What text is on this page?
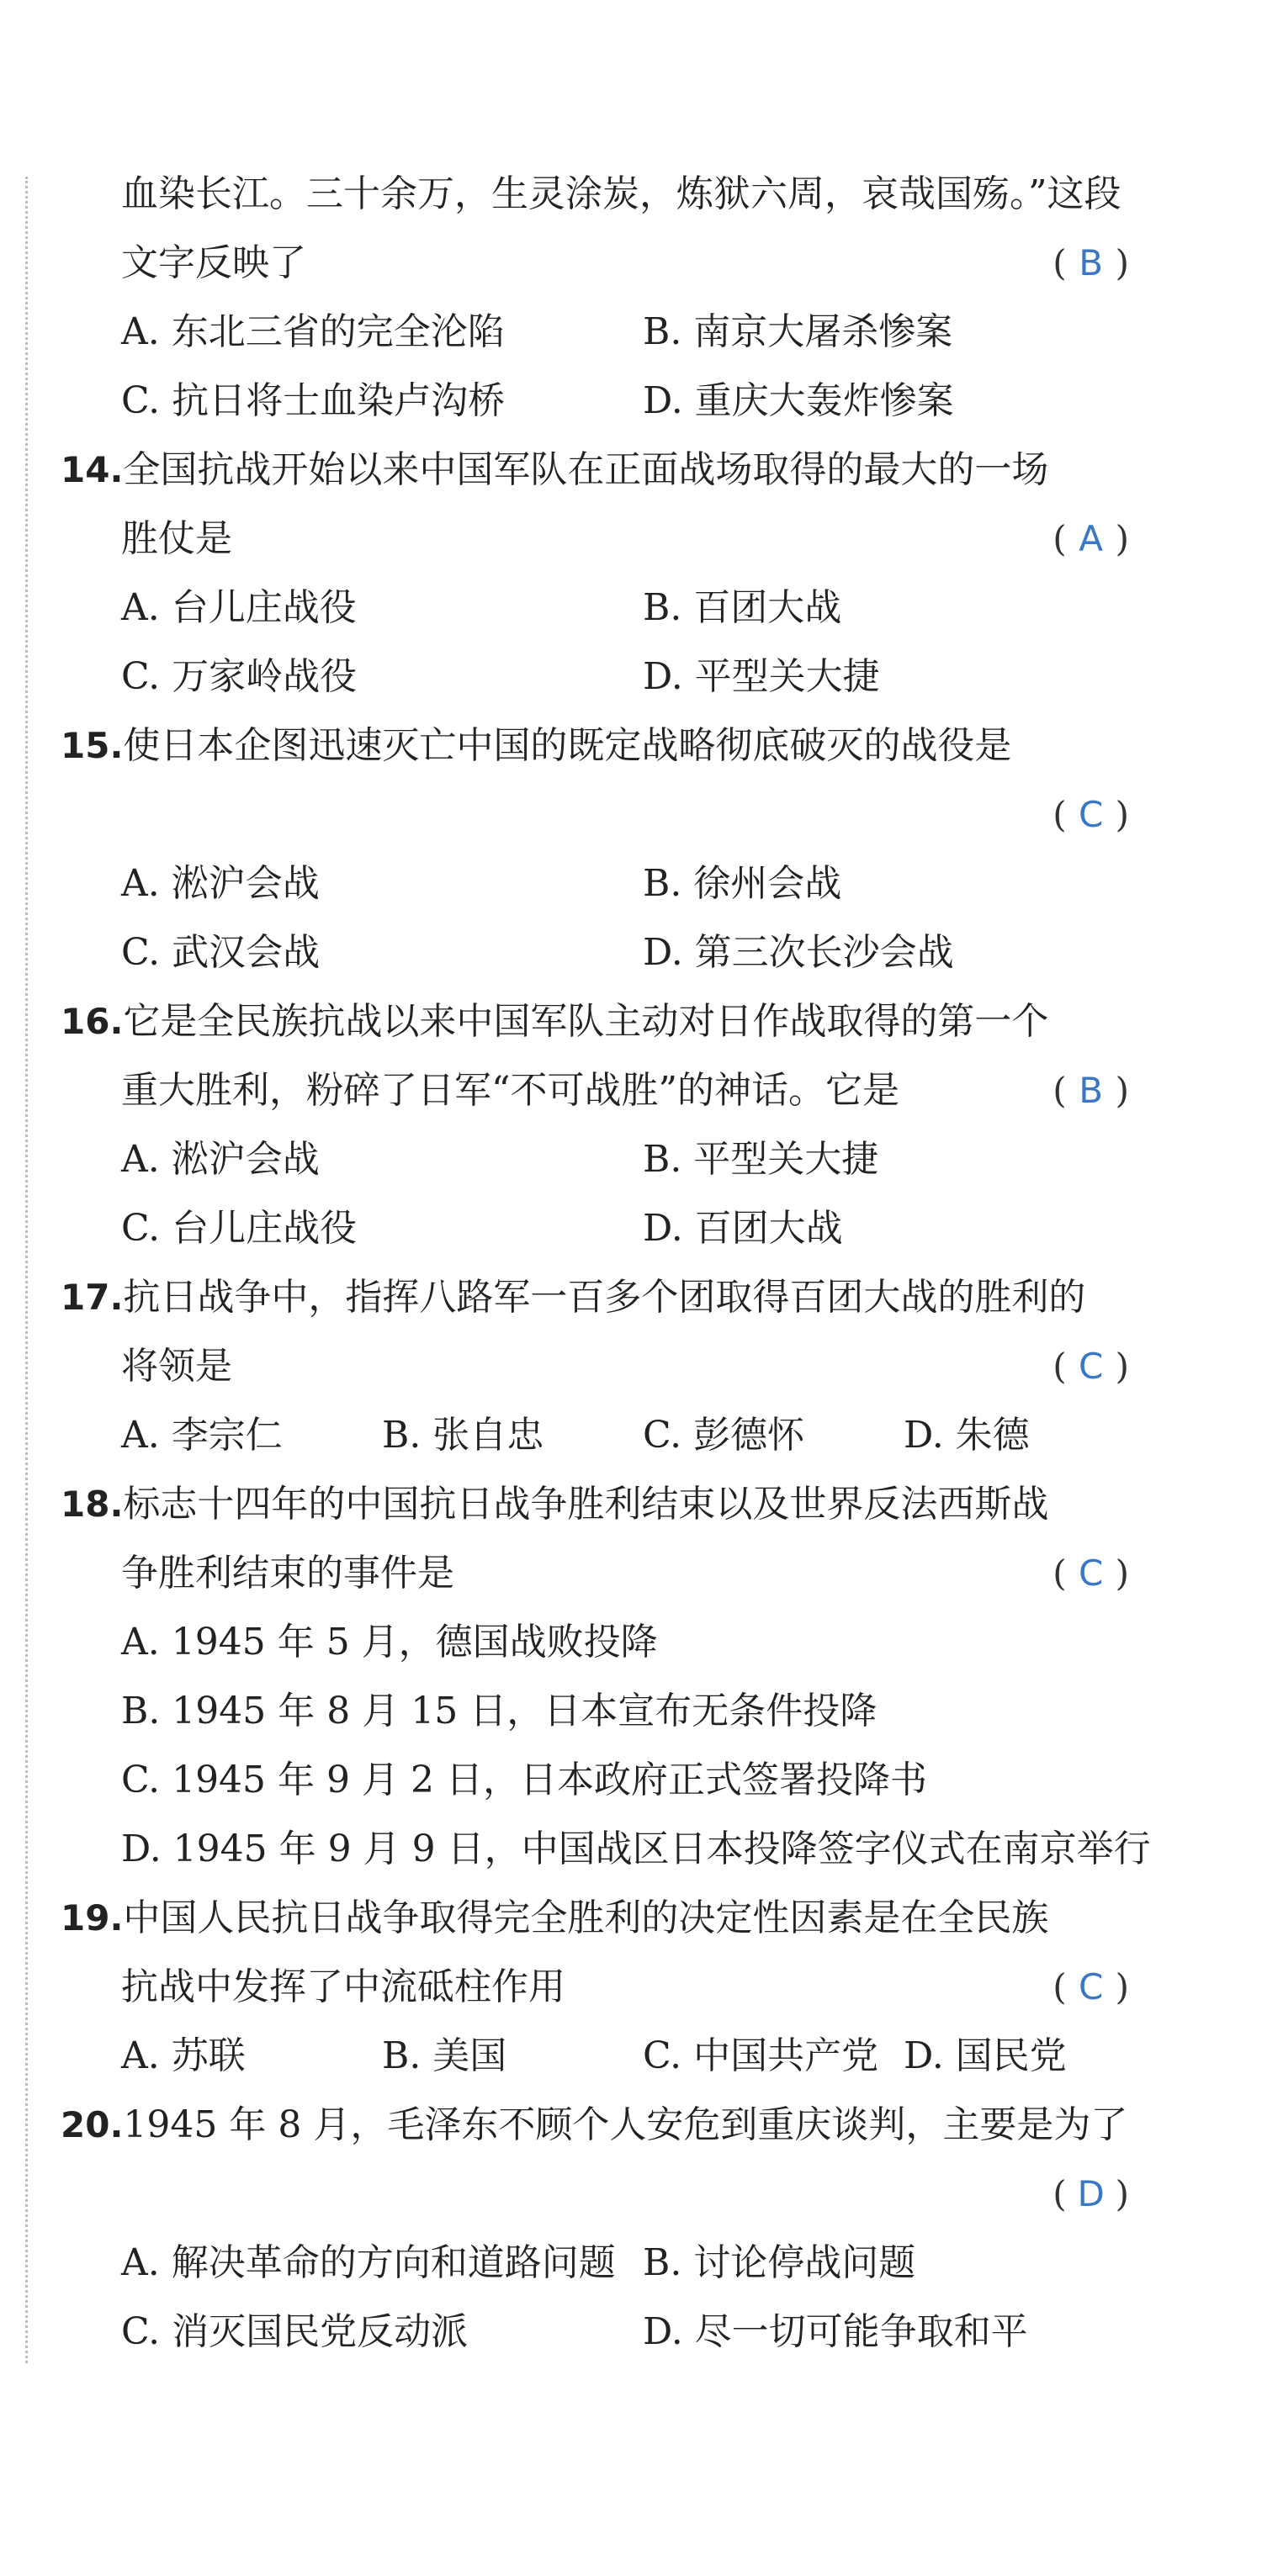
血染长江。三十余万，生灵涂炭，炼狱六周，哀哉国殇。”这段
文字反映了	( B )
A. 东北三省的完全沦陷	B. 南京大屠杀惨案
C. 抗日将士血染卢沟桥	D. 重庆大轰炸惨案
14.全国抗战开始以来中国军队在正面战场取得的最大的一场
胜仗是	( A )
A. 台儿庄战役	B. 百团大战
C. 万家岭战役	D. 平型关大捷
15.使日本企图迅速灭亡中国的既定战略彻底破灭的战役是
( C )
A. 淞沪会战	B. 徐州会战
C. 武汉会战	D. 第三次长沙会战
16.它是全民族抗战以来中国军队主动对日作战取得的第一个
重大胜利，粉碎了日军“不可战胜”的神话。它是	( B )
A. 淞沪会战	B. 平型关大捷
C. 台儿庄战役	D. 百团大战
17.抗日战争中，指挥八路军一百多个团取得百团大战的胜利的
将领是	( C )
A. 李宗仁	B. 张自忠	C. 彭德怀	D. 朱德
18.标志十四年的中国抗日战争胜利结束以及世界反法西斯战
争胜利结束的事件是	( C )
A. 1945 年 5 月，德国战败投降
B. 1945 年 8 月 15 日，日本宣布无条件投降
C. 1945 年 9 月 2 日，日本政府正式签署投降书
D. 1945 年 9 月 9 日，中国战区日本投降签字仪式在南京举行
19.中国人民抗日战争取得完全胜利的决定性因素是在全民族
抗战中发挥了中流砥柱作用	( C )
A. 苏联	B. 美国	C. 中国共产党 D. 国民党
20.1945 年 8 月，毛泽东不顾个人安危到重庆谈判，主要是为了
( D )
A. 解决革命的方向和道路问题 B. 讨论停战问题
C. 消灭国民党反动派	D. 尽一切可能争取和平
